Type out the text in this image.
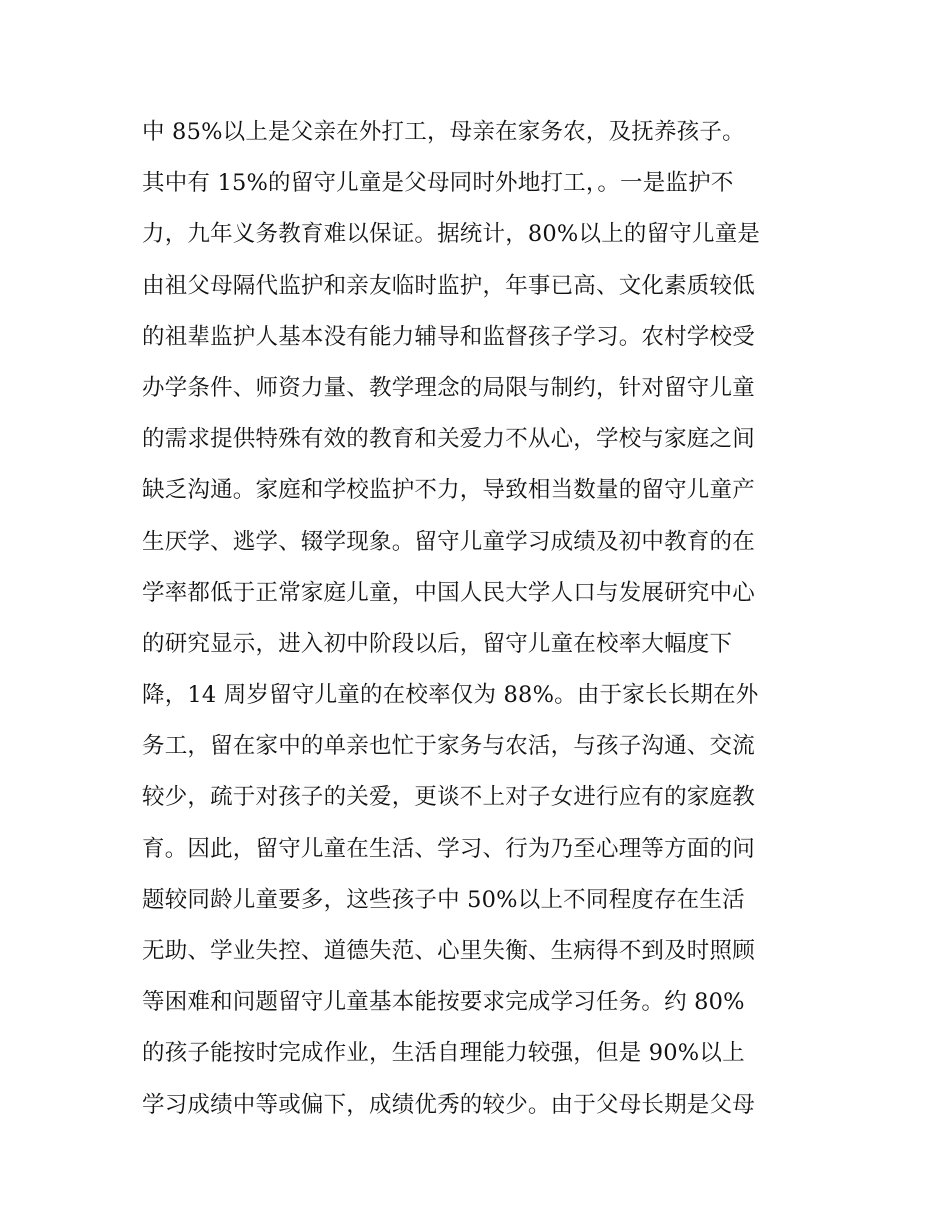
中 85%以上是父亲在外打工，母亲在家务农，及抚养孩子。
其中有 15%的留守儿童是父母同时外地打工，。一是监护不
力，九年义务教育难以保证。据统计，80%以上的留守儿童是
由祖父母隔代监护和亲友临时监护，年事已高、文化素质较低
的祖辈监护人基本没有能力辅导和监督孩子学习。农村学校受
办学条件、师资力量、教学理念的局限与制约，针对留守儿童
的需求提供特殊有效的教育和关爱力不从心，学校与家庭之间
缺乏沟通。家庭和学校监护不力，导致相当数量的留守儿童产
生厌学、逃学、辍学现象。留守儿童学习成绩及初中教育的在
学率都低于正常家庭儿童，中国人民大学人口与发展研究中心
的研究显示，进入初中阶段以后，留守儿童在校率大幅度下
降，14 周岁留守儿童的在校率仅为 88%。由于家长长期在外
务工，留在家中的单亲也忙于家务与农活，与孩子沟通、交流
较少，疏于对孩子的关爱，更谈不上对子女进行应有的家庭教
育。因此，留守儿童在生活、学习、行为乃至心理等方面的问
题较同龄儿童要多，这些孩子中 50%以上不同程度存在生活
无助、学业失控、道德失范、心里失衡、生病得不到及时照顾
等困难和问题留守儿童基本能按要求完成学习任务。约 80%
的孩子能按时完成作业，生活自理能力较强，但是 90%以上
学习成绩中等或偏下，成绩优秀的较少。由于父母长期是父母
